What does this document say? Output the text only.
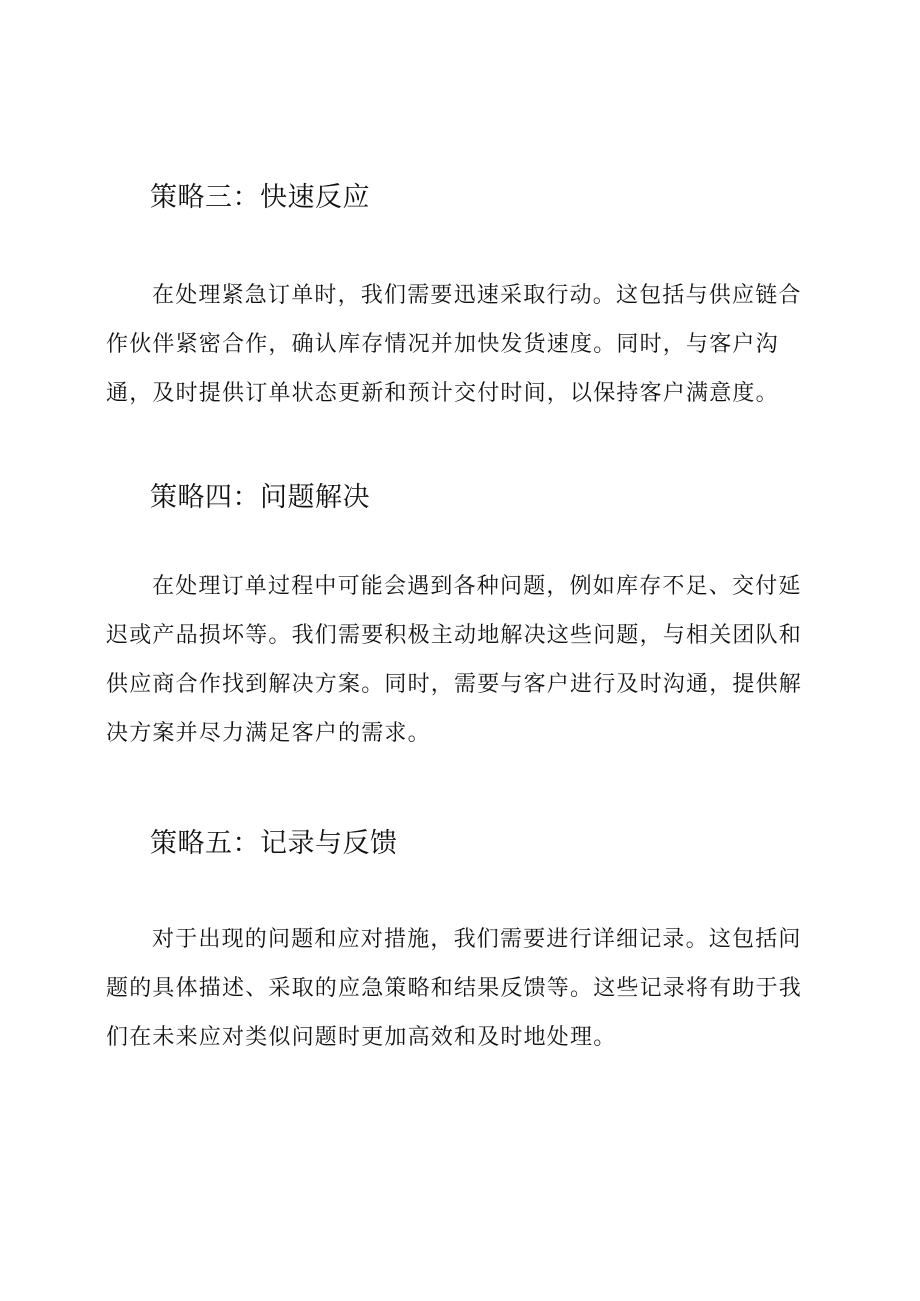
策略三：快速反应

在处理紧急订单时，我们需要迅速采取行动。这包括与供应链合作伙伴紧密合作，确认库存情况并加快发货速度。同时，与客户沟通，及时提供订单状态更新和预计交付时间，以保持客户满意度。

策略四：问题解决

在处理订单过程中可能会遇到各种问题，例如库存不足、交付延迟或产品损坏等。我们需要积极主动地解决这些问题，与相关团队和供应商合作找到解决方案。同时，需要与客户进行及时沟通，提供解决方案并尽力满足客户的需求。

策略五：记录与反馈

对于出现的问题和应对措施，我们需要进行详细记录。这包括问题的具体描述、采取的应急策略和结果反馈等。这些记录将有助于我们在未来应对类似问题时更加高效和及时地处理。
